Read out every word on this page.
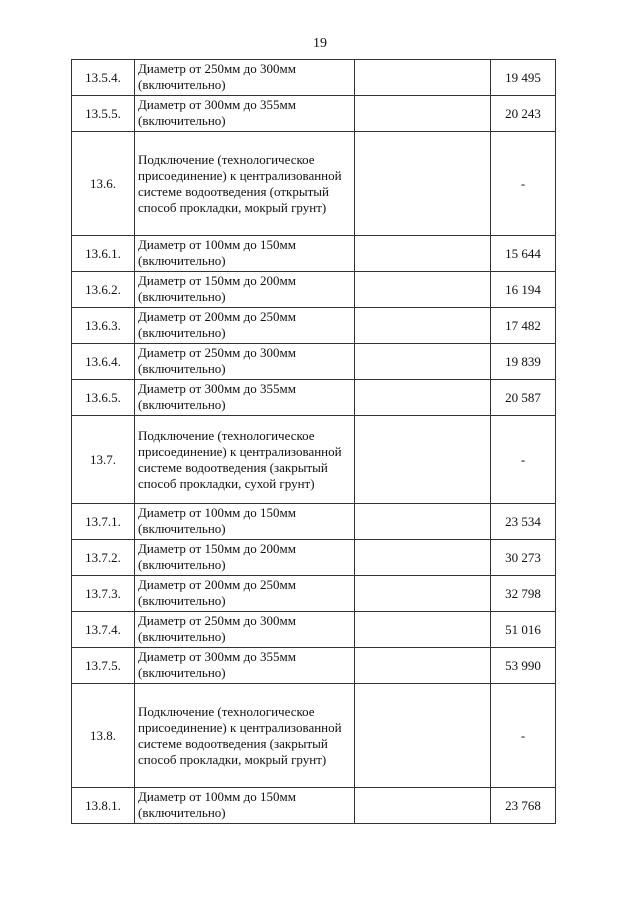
19
13.5.4.	Диаметр от 250мм до 300мм (включительно)		19 495
13.5.5.	Диаметр от 300мм до 355мм (включительно)		20 243
13.6.	Подключение (технологическое присоединение) к централизованной системе водоотведения (открытый способ прокладки, мокрый грунт)		-
13.6.1.	Диаметр от 100мм до 150мм (включительно)		15 644
13.6.2.	Диаметр от 150мм до 200мм (включительно)		16 194
13.6.3.	Диаметр от 200мм до 250мм (включительно)		17 482
13.6.4.	Диаметр от 250мм до 300мм (включительно)		19 839
13.6.5.	Диаметр от 300мм до 355мм (включительно)		20 587
13.7.	Подключение (технологическое присоединение) к централизованной системе водоотведения (закрытый способ прокладки, сухой грунт)		-
13.7.1.	Диаметр от 100мм до 150мм (включительно)		23 534
13.7.2.	Диаметр от 150мм до 200мм (включительно)		30 273
13.7.3.	Диаметр от 200мм до 250мм (включительно)		32 798
13.7.4.	Диаметр от 250мм до 300мм (включительно)		51 016
13.7.5.	Диаметр от 300мм до 355мм (включительно)		53 990
13.8.	Подключение (технологическое присоединение) к централизованной системе водоотведения (закрытый способ прокладки, мокрый грунт)		-
13.8.1.	Диаметр от 100мм до 150мм (включительно)		23 768
